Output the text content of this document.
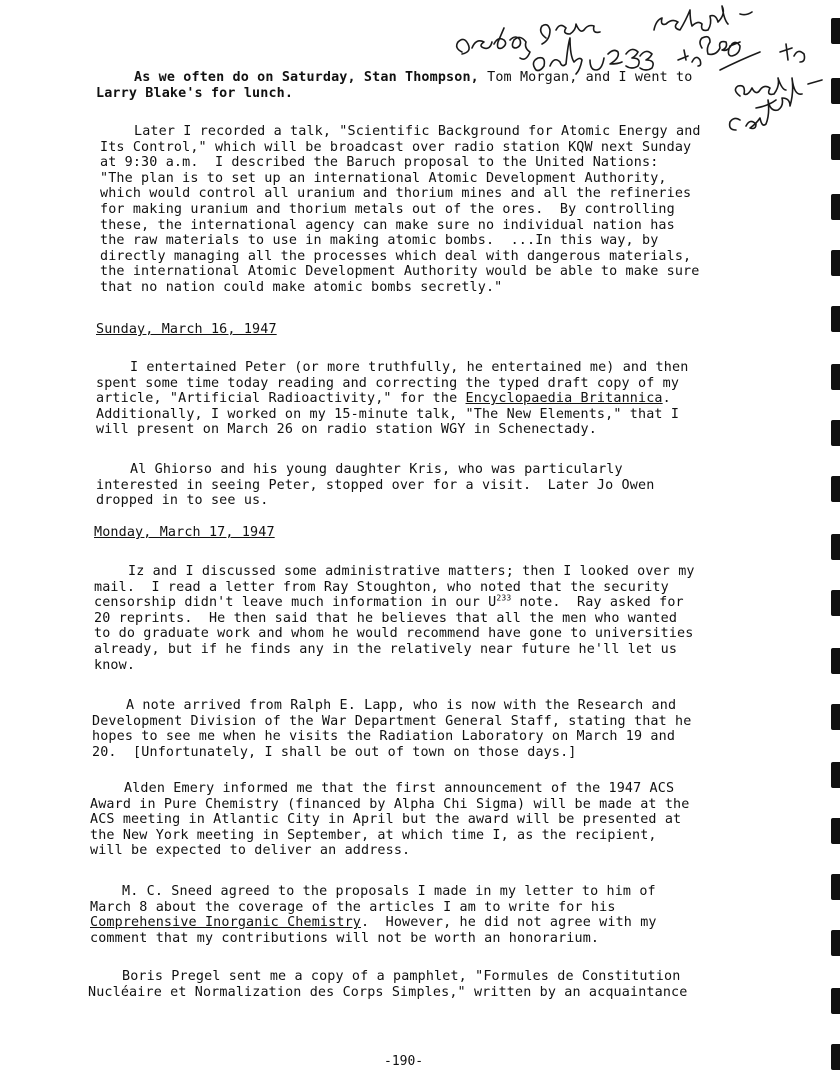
As we often do on Saturday, Stan Thompson, Tom Morgan, and I went to
Larry Blake's for lunch.
Later I recorded a talk, "Scientific Background for Atomic Energy and
Its Control," which will be broadcast over radio station KQW next Sunday
at 9:30 a.m.  I described the Baruch proposal to the United Nations:
"The plan is to set up an international Atomic Development Authority,
which would control all uranium and thorium mines and all the refineries
for making uranium and thorium metals out of the ores.  By controlling
these, the international agency can make sure no individual nation has
the raw materials to use in making atomic bombs.  ...In this way, by
directly managing all the processes which deal with dangerous materials,
the international Atomic Development Authority would be able to make sure
that no nation could make atomic bombs secretly."
Sunday, March 16, 1947
I entertained Peter (or more truthfully, he entertained me) and then
spent some time today reading and correcting the typed draft copy of my
article, "Artificial Radioactivity," for the Encyclopaedia Britannica.
Additionally, I worked on my 15-minute talk, "The New Elements," that I
will present on March 26 on radio station WGY in Schenectady.
Al Ghiorso and his young daughter Kris, who was particularly
interested in seeing Peter, stopped over for a visit.  Later Jo Owen
dropped in to see us.
Monday, March 17, 1947
Iz and I discussed some administrative matters; then I looked over my
mail.  I read a letter from Ray Stoughton, who noted that the security
censorship didn't leave much information in our $U^{233}$ note.  Ray asked for
20 reprints.  He then said that he believes that all the men who wanted
to do graduate work and whom he would recommend have gone to universities
already, but if he finds any in the relatively near future he'll let us
know.
A note arrived from Ralph E. Lapp, who is now with the Research and
Development Division of the War Department General Staff, stating that he
hopes to see me when he visits the Radiation Laboratory on March 19 and
20.  [Unfortunately, I shall be out of town on those days.]
Alden Emery informed me that the first announcement of the 1947 ACS
Award in Pure Chemistry (financed by Alpha Chi Sigma) will be made at the
ACS meeting in Atlantic City in April but the award will be presented at
the New York meeting in September, at which time I, as the recipient,
will be expected to deliver an address.
M. C. Sneed agreed to the proposals I made in my letter to him of
March 8 about the coverage of the articles I am to write for his
Comprehensive Inorganic Chemistry.  However, he did not agree with my
comment that my contributions will not be worth an honorarium.
Boris Pregel sent me a copy of a pamphlet, "Formules de Constitution
Nucléaire et Normalization des Corps Simples," written by an acquaintance
-190-
